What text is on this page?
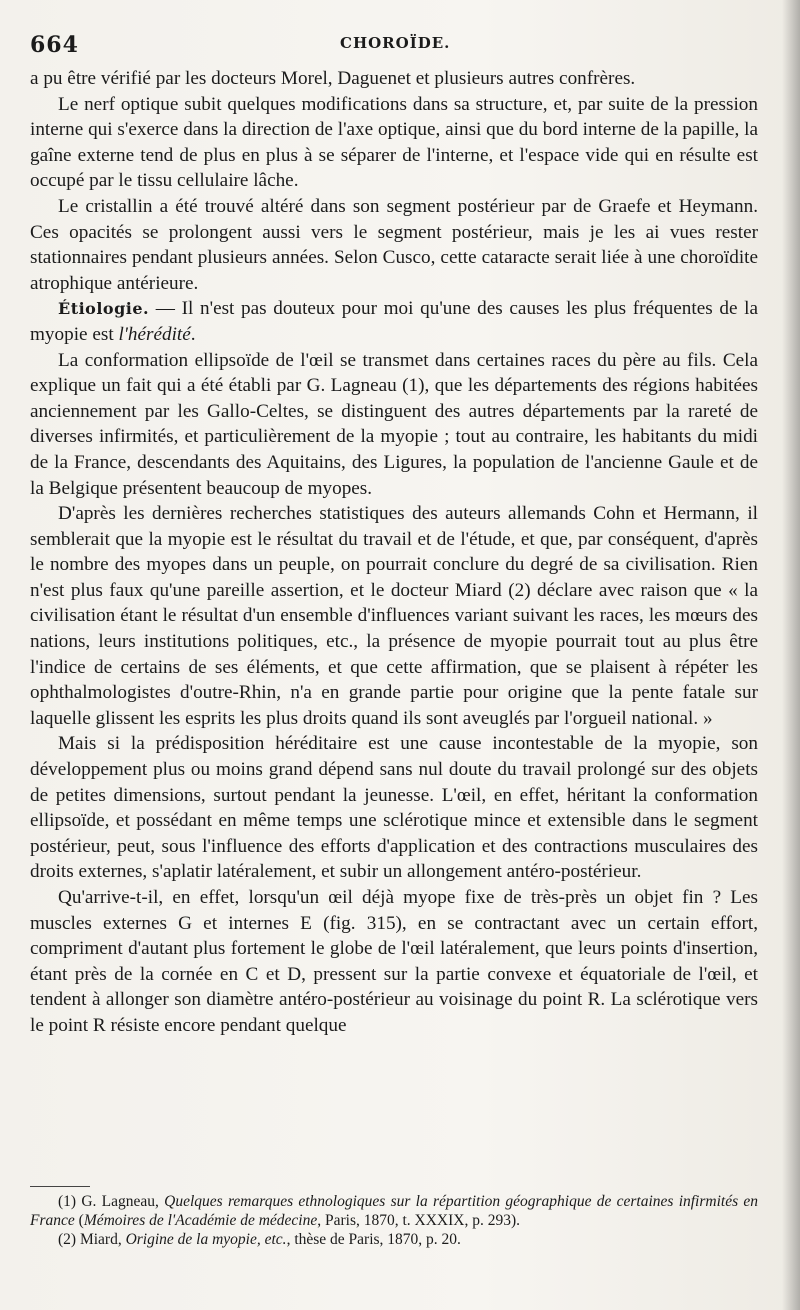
664	CHOROÏDE.

a pu être vérifié par les docteurs Morel, Daguenet et plusieurs autres confrères.

Le nerf optique subit quelques modifications dans sa structure, et, par suite de la pression interne qui s'exerce dans la direction de l'axe optique, ainsi que du bord interne de la papille, la gaîne externe tend de plus en plus à se séparer de l'interne, et l'espace vide qui en résulte est occupé par le tissu cellulaire lâche.

Le cristallin a été trouvé altéré dans son segment postérieur par de Graefe et Heymann. Ces opacités se prolongent aussi vers le segment postérieur, mais je les ai vues rester stationnaires pendant plusieurs années. Selon Cusco, cette cataracte serait liée à une choroïdite atrophique antérieure.

Étiologie. — Il n'est pas douteux pour moi qu'une des causes les plus fréquentes de la myopie est l'hérédité.

La conformation ellipsoïde de l'œil se transmet dans certaines races du père au fils. Cela explique un fait qui a été établi par G. Lagneau (1), que les départements des régions habitées anciennement par les Gallo-Celtes, se distinguent des autres départements par la rareté de diverses infirmités, et particulièrement de la myopie ; tout au contraire, les habitants du midi de la France, descendants des Aquitains, des Ligures, la population de l'ancienne Gaule et de la Belgique présentent beaucoup de myopes.

D'après les dernières recherches statistiques des auteurs allemands Cohn et Hermann, il semblerait que la myopie est le résultat du travail et de l'étude, et que, par conséquent, d'après le nombre des myopes dans un peuple, on pourrait conclure du degré de sa civilisation. Rien n'est plus faux qu'une pareille assertion, et le docteur Miard (2) déclare avec raison que « la civilisation étant le résultat d'un ensemble d'influences variant suivant les races, les mœurs des nations, leurs institutions politiques, etc., la présence de myopie pourrait tout au plus être l'indice de certains de ses éléments, et que cette affirmation, que se plaisent à répéter les ophthalmologistes d'outre-Rhin, n'a en grande partie pour origine que la pente fatale sur laquelle glissent les esprits les plus droits quand ils sont aveuglés par l'orgueil national. »

Mais si la prédisposition héréditaire est une cause incontestable de la myopie, son développement plus ou moins grand dépend sans nul doute du travail prolongé sur des objets de petites dimensions, surtout pendant la jeunesse. L'œil, en effet, héritant la conformation ellipsoïde, et possédant en même temps une sclérotique mince et extensible dans le segment postérieur, peut, sous l'influence des efforts d'application et des contractions musculaires des droits externes, s'aplatir latéralement, et subir un allongement antéro-postérieur.

Qu'arrive-t-il, en effet, lorsqu'un œil déjà myope fixe de très-près un objet fin ? Les muscles externes G et internes E (fig. 315), en se contractant avec un certain effort, compriment d'autant plus fortement le globe de l'œil latéralement, que leurs points d'insertion, étant près de la cornée en C et D, pressent sur la partie convexe et équatoriale de l'œil, et tendent à allonger son diamètre antéro-postérieur au voisinage du point R. La sclérotique vers le point R résiste encore pendant quelque

(1) G. Lagneau, Quelques remarques ethnologiques sur la répartition géographique de certaines infirmités en France (Mémoires de l'Académie de médecine, Paris, 1870, t. XXXIX, p. 293).

(2) Miard, Origine de la myopie, etc., thèse de Paris, 1870, p. 20.
